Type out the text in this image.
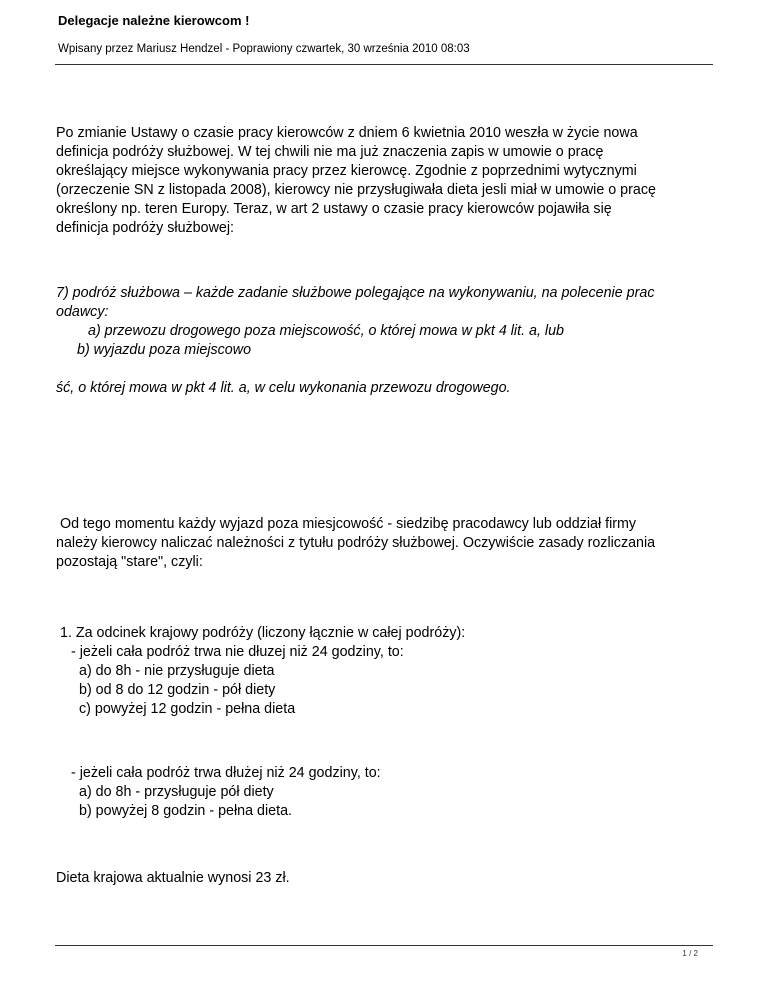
Delegacje należne kierowcom !
Wpisany przez Mariusz Hendzel - Poprawiony czwartek, 30 września 2010 08:03
Po zmianie Ustawy o czasie pracy kierowców z dniem 6 kwietnia 2010 weszła w życie nowa
definicja podróży służbowej. W tej chwili nie ma już znaczenia zapis w umowie o pracę
określający miejsce wykonywania pracy przez kierowcę. Zgodnie z poprzednimi wytycznymi
(orzeczenie SN z listopada 2008), kierowcy nie przysługiwała dieta jesli miał w umowie o pracę
określony np. teren Europy. Teraz, w art 2 ustawy o czasie pracy kierowców pojawiła się
definicja podróży służbowej:
7) podróż służbowa – każde zadanie służbowe polegające na wykonywaniu, na polecenie prac
odawcy:
a) przewozu drogowego poza miejscowość, o której mowa w pkt 4 lit. a, lub
b) wyjazdu poza miejscowo
ść, o której mowa w pkt 4 lit. a, w celu wykonania przewozu drogowego.
Od tego momentu każdy wyjazd poza miesjcowość - siedzibę pracodawcy lub oddział firmy
należy kierowcy naliczać należności z tytułu podróży służbowej. Oczywiście zasady rozliczania
pozostają "stare", czyli:
1. Za odcinek krajowy podróży (liczony łącznie w całej podróży):
- jeżeli cała podróż trwa nie dłuzej niż 24 godziny, to:
a) do 8h - nie przysługuje dieta
b) od 8 do 12 godzin - pół diety
c) powyżej 12 godzin - pełna dieta
- jeżeli cała podróż trwa dłużej niż 24 godziny, to:
a) do 8h - przysługuje pół diety
b) powyżej 8 godzin - pełna dieta.
Dieta krajowa aktualnie wynosi 23 zł.
1 / 2
